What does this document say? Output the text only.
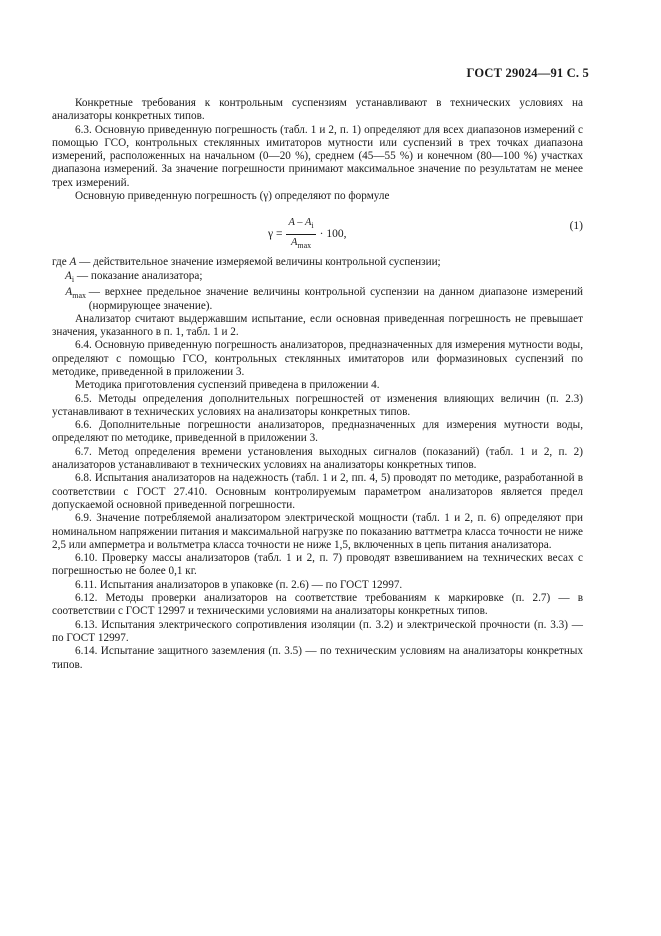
ГОСТ 29024—91 С. 5

Конкретные требования к контрольным суспензиям устанавливают в технических условиях на анализаторы конкретных типов.

6.3. Основную приведенную погрешность (табл. 1 и 2, п. 1) определяют для всех диапазонов измерений с помощью ГСО, контрольных стеклянных имитаторов мутности или суспензий в трех точках диапазона измерений, расположенных на начальном (0—20 %), среднем (45—55 %) и конечном (80—100 %) участках диапазона измерений. За значение погрешности принимают максимальное значение по результатам не менее трех измерений.

Основную приведенную погрешность (γ) определяют по формуле

$\gamma = \frac{A - A_i}{A_{max}} \cdot 100$,
(1)
где
A
— действительное значение измеряемой величины контрольной суспензии;
$A_i$
— показание анализатора;
$A_{max}$
— верхнее предельное значение величины контрольной суспензии на данном диапазоне измерений (нормирующее значение).

Анализатор считают выдержавшим испытание, если основная приведенная погрешность не превышает значения, указанного в п. 1, табл. 1 и 2.

6.4. Основную приведенную погрешность анализаторов, предназначенных для измерения мутности воды, определяют с помощью ГСО, контрольных стеклянных имитаторов или формазиновых суспензий по методике, приведенной в приложении 3.

Методика приготовления суспензий приведена в приложении 4.

6.5. Методы определения дополнительных погрешностей от изменения влияющих величин (п. 2.3) устанавливают в технических условиях на анализаторы конкретных типов.

6.6. Дополнительные погрешности анализаторов, предназначенных для измерения мутности воды, определяют по методике, приведенной в приложении 3.

6.7. Метод определения времени установления выходных сигналов (показаний) (табл. 1 и 2, п. 2) анализаторов устанавливают в технических условиях на анализаторы конкретных типов.

6.8. Испытания анализаторов на надежность (табл. 1 и 2, пп. 4, 5) проводят по методике, разработанной в соответствии с ГОСТ 27.410. Основным контролируемым параметром анализаторов является предел допускаемой основной приведенной погрешности.

6.9. Значение потребляемой анализатором электрической мощности (табл. 1 и 2, п. 6) определяют при номинальном напряжении питания и максимальной нагрузке по показанию ваттметра класса точности не ниже 2,5 или амперметра и вольтметра класса точности не ниже 1,5, включенных в цепь питания анализатора.

6.10. Проверку массы анализаторов (табл. 1 и 2, п. 7) проводят взвешиванием на технических весах с погрешностью не более 0,1 кг.

6.11. Испытания анализаторов в упаковке (п. 2.6) — по ГОСТ 12997.

6.12. Методы проверки анализаторов на соответствие требованиям к маркировке (п. 2.7) — в соответствии с ГОСТ 12997 и техническими условиями на анализаторы конкретных типов.

6.13. Испытания электрического сопротивления изоляции (п. 3.2) и электрической прочности (п. 3.3) — по ГОСТ 12997.

6.14. Испытание защитного заземления (п. 3.5) — по техническим условиям на анализаторы конкретных типов.
